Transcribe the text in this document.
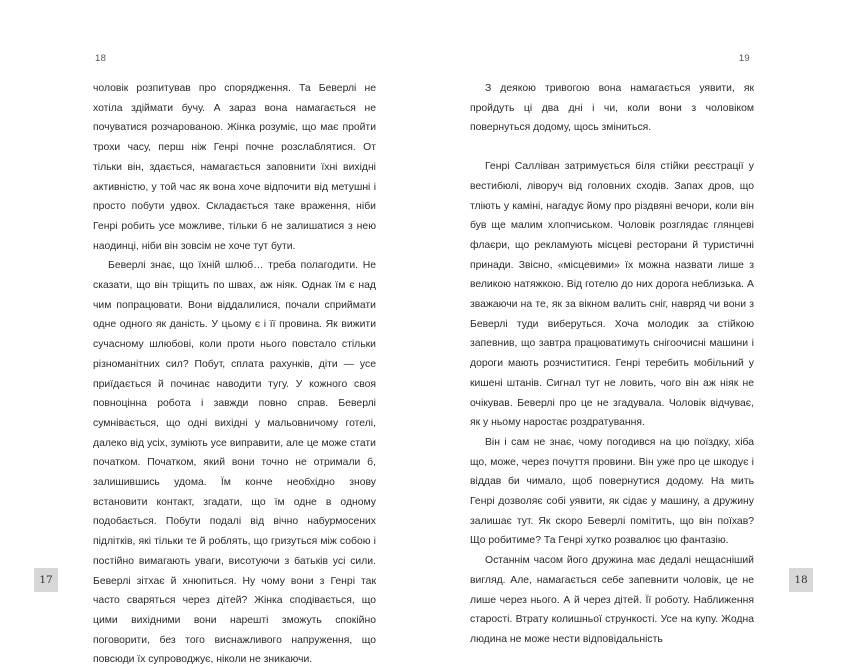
18

чоловік розпитував про спорядження. Та Беверлі не хотіла здіймати бучу. А зараз вона намагається не почуватися розчарованою. Жінка розуміє, що має пройти трохи часу, перш ніж Генрі почне розслаблятися. От тільки він, здається, намагається заповнити їхні вихідні активністю, у той час як вона хоче відпочити від метушні і просто побути удвох. Складається таке враження, ніби Генрі робить усе можливе, тільки б не залишатися з нею наодинці, ніби він зовсім не хоче тут бути.

Беверлі знає, що їхній шлюб… треба полагодити. Не сказати, що він тріщить по швах, аж ніяк. Однак їм є над чим попрацювати. Вони віддалилися, почали сприймати одне одного як даність. У цьому є і її провина. Як вижити сучасному шлюбові, коли проти нього повстало стільки різноманітних сил? Побут, сплата рахунків, діти — усе приїдається й починає наводити тугу. У кожного своя повноцінна робота і завжди повно справ. Беверлі сумнівається, що одні вихідні у мальовничому готелі, далеко від усіх, зуміють усе виправити, але це може стати початком. Початком, який вони точно не отримали б, залишившись удома. Їм конче необхідно знову встановити контакт, згадати, що їм одне в одному подобається. Побути подалі від вічно набурмосених підлітків, які тільки те й роблять, що гризуться між собою і постійно вимагають уваги, висотуючи з батьків усі сили. Беверлі зітхає й хнюпиться. Ну чому вони з Генрі так часто сваряться через дітей? Жінка сподівається, що цими вихідними вони нарешті зможуть спокійно поговорити, без того виснажливого напруження, що повсюди їх супроводжує, ніколи не зникаючи.

17
19

З деякою тривогою вона намагається уявити, як пройдуть ці два дні і чи, коли вони з чоловіком повернуться додому, щось зміниться.

Генрі Салліван затримується біля стійки реєстрації у вестибюлі, ліворуч від головних сходів. Запах дров, що тліють у каміні, нагадує йому про різдвяні вечори, коли він був ще малим хлопчиськом. Чоловік розглядає глянцеві флаєри, що рекламують місцеві ресторани й туристичні принади. Звісно, «місцевими» їх можна назвати лише з великою натяжкою. Від готелю до них дорога неблизька. А зважаючи на те, як за вікном валить сніг, навряд чи вони з Беверлі туди виберуться. Хоча молодик за стійкою запевнив, що завтра працюватимуть снігоочисні машини і дороги мають розчиститися. Генрі теребить мобільний у кишені штанів. Сигнал тут не ловить, чого він аж ніяк не очікував. Беверлі про це не згадувала. Чоловік відчуває, як у ньому наростає роздратування.

Він і сам не знає, чому погодився на цю поїздку, хіба що, може, через почуття провини. Він уже про це шкодує і віддав би чимало, щоб повернутися додому. На мить Генрі дозволяє собі уявити, як сідає у машину, а дружину залишає тут. Як скоро Беверлі помітить, що він поїхав? Що робитиме? Та Генрі хутко розвалює цю фантазію.

Останнім часом його дружина має дедалі нещасніший вигляд. Але, намагається себе запевнити чоловік, це не лише через нього. А й через дітей. Її роботу. Наближення старості. Втрату колишньої стрункості. Усе на купу. Жодна людина не може нести відповідальність

18
